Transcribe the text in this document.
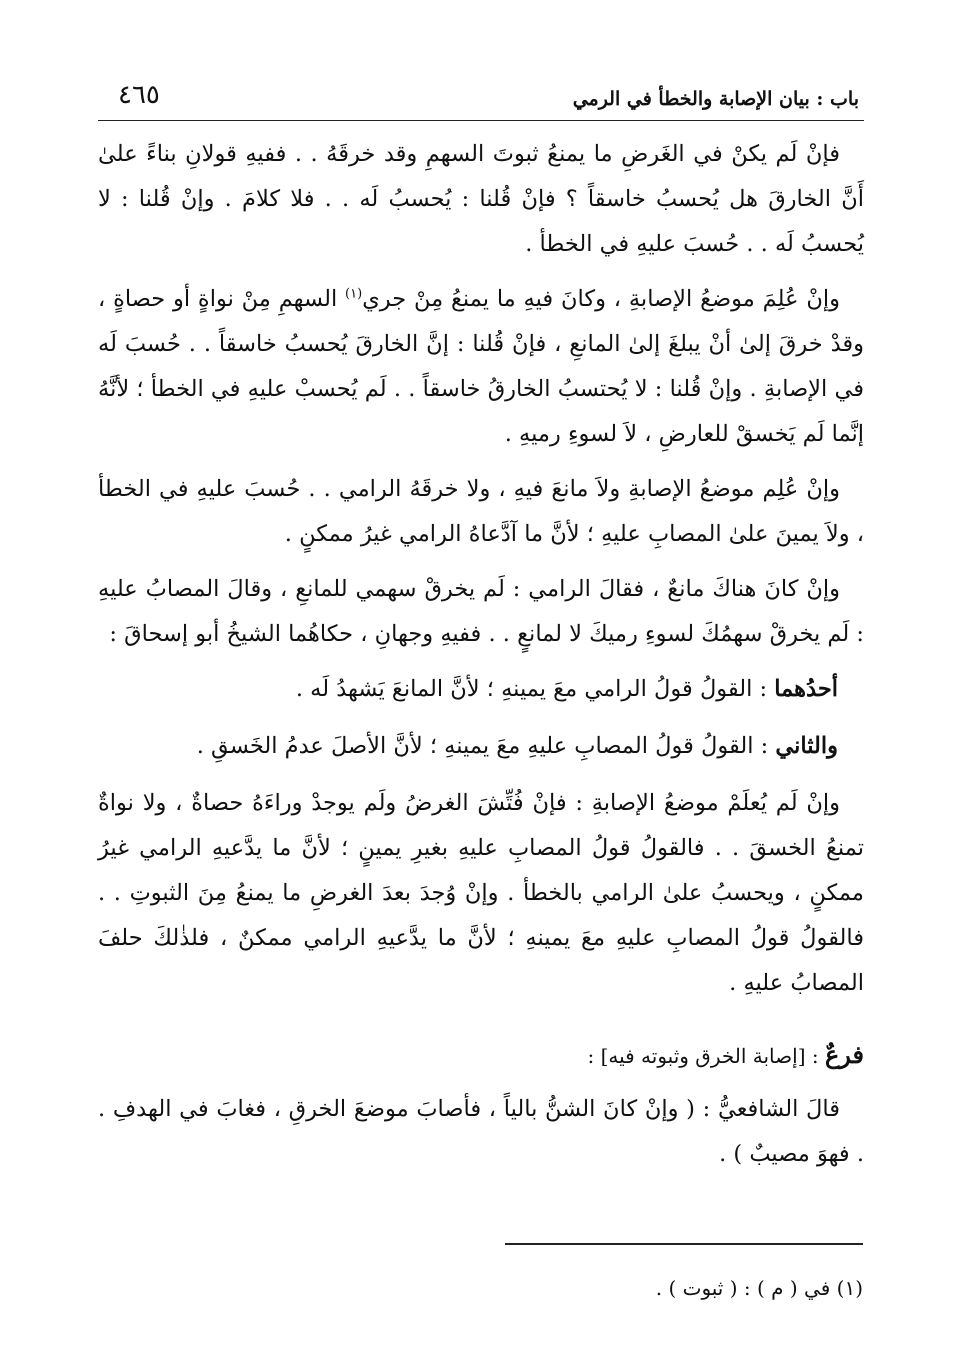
باب : بيان الإصابة والخطأ في الرمي
٤٦٥

فإنْ لَم يكنْ في الغَرضِ ما يمنعُ ثبوتَ السهمِ وقد خرقَهُ . . ففيهِ قولانِ بناءً علىٰ أَنَّ الخارقَ هل يُحسبُ خاسقاً ؟ فإنْ قُلنا : يُحسبُ لَه . . فلا كلامَ . وإنْ قُلنا : لا يُحسبُ لَه . . حُسبَ عليهِ في الخطأ .

وإنْ عُلِمَ موضعُ الإصابةِ ، وكانَ فيهِ ما يمنعُ مِنْ جري$^{(١)}$ السهمِ مِنْ نواةٍ أو حصاةٍ ، وقدْ خرقَ إلىٰ أنْ يبلغَ إلىٰ المانعِ ، فإنْ قُلنا : إنَّ الخارقَ يُحسبُ خاسقاً . . حُسبَ لَه في الإصابةِ . وإنْ قُلنا : لا يُحتسبُ الخارقُ خاسقاً . . لَم يُحسبْ عليهِ في الخطأ ؛ لأنَّهُ إنَّما لَم يَخسقْ للعارضِ ، لاَ لسوءِ رميهِ .

وإنْ عُلِم موضعُ الإصابةِ ولاَ مانعَ فيهِ ، ولا خرقَهُ الرامي . . حُسبَ عليهِ في الخطأ ، ولاَ يمينَ علىٰ المصابِ عليهِ ؛ لأنَّ ما آدَّعاهُ الرامي غيرُ ممكنٍ .

وإنْ كانَ هناكَ مانعٌ ، فقالَ الرامي : لَم يخرقْ سهمي للمانعِ ، وقالَ المصابُ عليهِ : لَم يخرقْ سهمُكَ لسوءِ رميكَ لا لمانعٍ . . ففيهِ وجهانِ ، حكاهُما الشيخُ أبو إسحاقَ :

أحدُهما : القولُ قولُ الرامي معَ يمينهِ ؛ لأنَّ المانعَ يَشهدُ لَه .

والثاني : القولُ قولُ المصابِ عليهِ معَ يمينهِ ؛ لأنَّ الأصلَ عدمُ الخَسقِ .

وإنْ لَم يُعلَمْ موضعُ الإصابةِ : فإنْ فُتِّشَ الغرضُ ولَم يوجدْ وراءَهُ حصاةٌ ، ولا نواةٌ تمنعُ الخسقَ . . فالقولُ قولُ المصابِ عليهِ بغيرِ يمينٍ ؛ لأنَّ ما يدَّعيهِ الرامي غيرُ ممكنٍ ، ويحسبُ علىٰ الرامي بالخطأ . وإنْ وُجدَ بعدَ الغرضِ ما يمنعُ مِنَ الثبوتِ . . فالقولُ قولُ المصابِ عليهِ معَ يمينهِ ؛ لأنَّ ما يدَّعيهِ الرامي ممكنٌ ، فلذٰلكَ حلفَ المصابُ عليهِ .

فرعٌ : [إصابة الخرق وثبوته فيه] :

قالَ الشافعيُّ : ( وإنْ كانَ الشنُّ بالياً ، فأصابَ موضعَ الخرقِ ، فغابَ في الهدفِ . . فهوَ مصيبٌ ) .

(١) في ( م ) : ( ثبوت ) .
